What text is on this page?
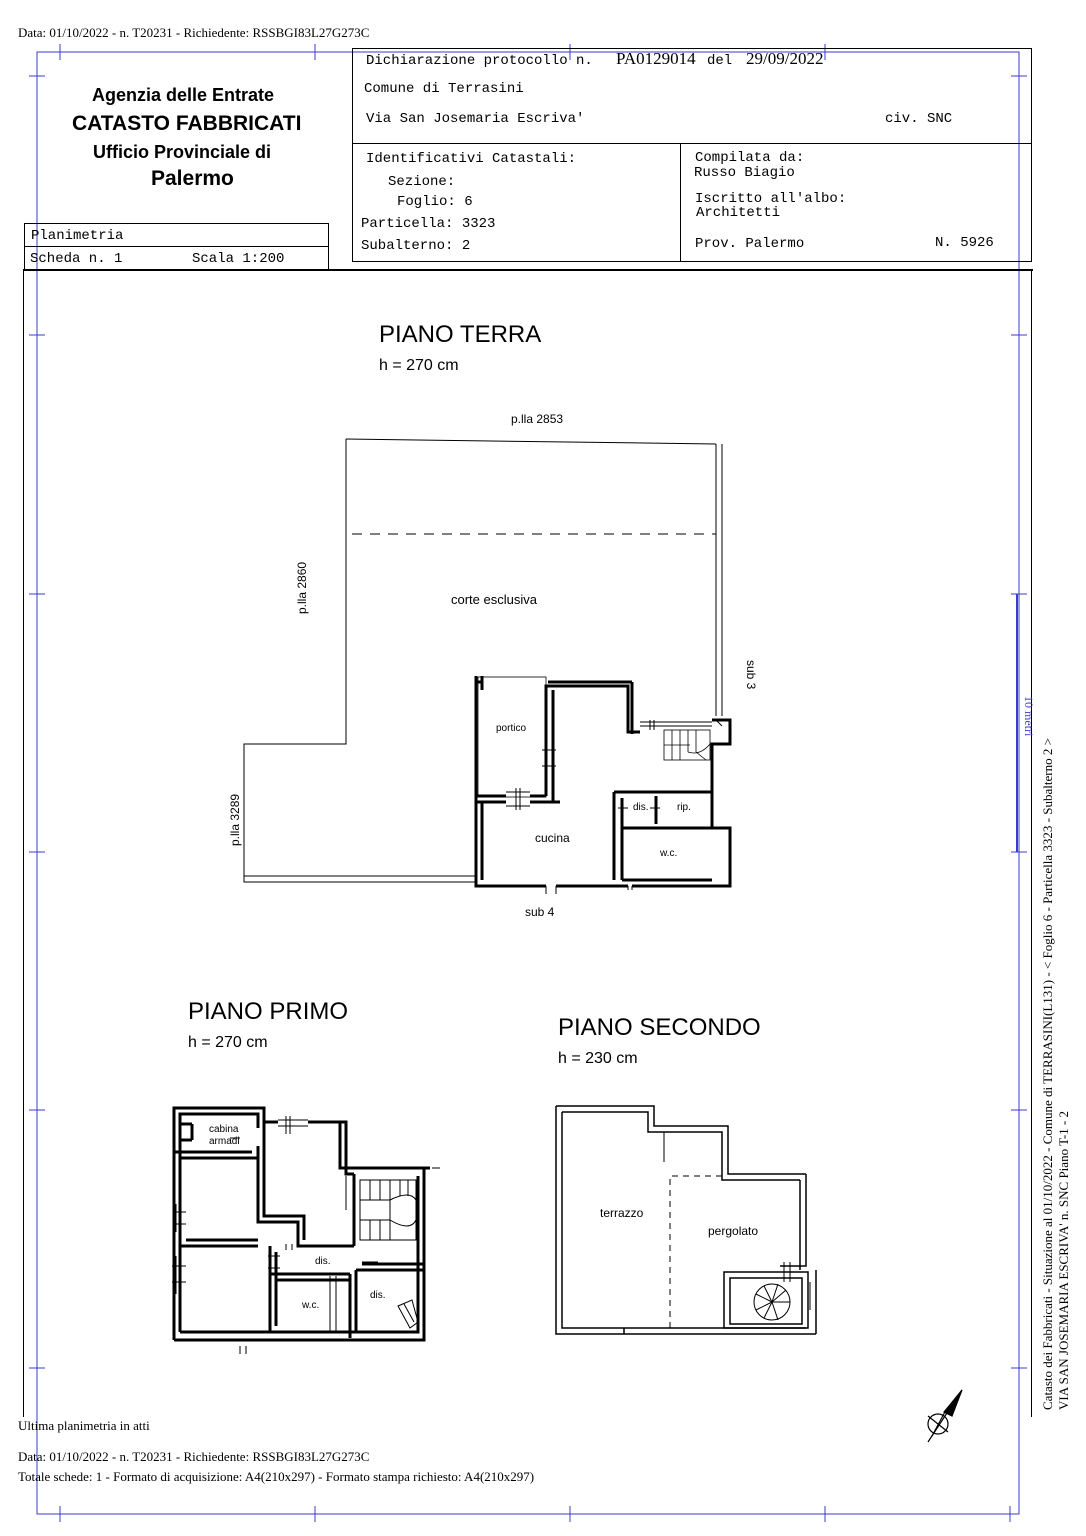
Data: 01/10/2022 - n. T20231 - Richiedente: RSSBGI83L27G273C
Agenzia delle Entrate
CATASTO FABBRICATI
Ufficio Provinciale di
Palermo
Planimetria
Scheda n. 1	Scala 1:200
Dichiarazione protocollo n. PA0129014 del 29/09/2022
Comune di Terrasini
Via San Josemaria Escriva'	civ. SNC
Identificativi Catastali:
Sezione:
Foglio: 6
Particella: 3323
Subalterno: 2
Compilata da:
Russo Biagio
Iscritto all'albo:
Architetti
Prov. Palermo	N. 5926
PIANO TERRA
h = 270 cm
PIANO PRIMO
h = 270 cm
PIANO SECONDO
h = 230 cm
p.lla 2853
p.lla 2860
p.lla 3289
corte esclusiva
sub 3
sub 4
portico
dis.	rip.
cucina
w.c.
cabina
armadi
dis.
w.c.
dis.
terrazzo
pergolato
10 metri
Catasto dei Fabbricati - Situazione al 01/10/2022 - Comune di TERRASINI(L131) - < Foglio 6 - Particella 3323 - Subalterno 2 > VIA SAN JOSEMARIA ESCRIVA' n. SNC Piano T-1 - 2
Ultima planimetria in atti
Data: 01/10/2022 - n. T20231 - Richiedente: RSSBGI83L27G273C
Totale schede: 1 - Formato di acquisizione: A4(210x297) - Formato stampa richiesto: A4(210x297)
